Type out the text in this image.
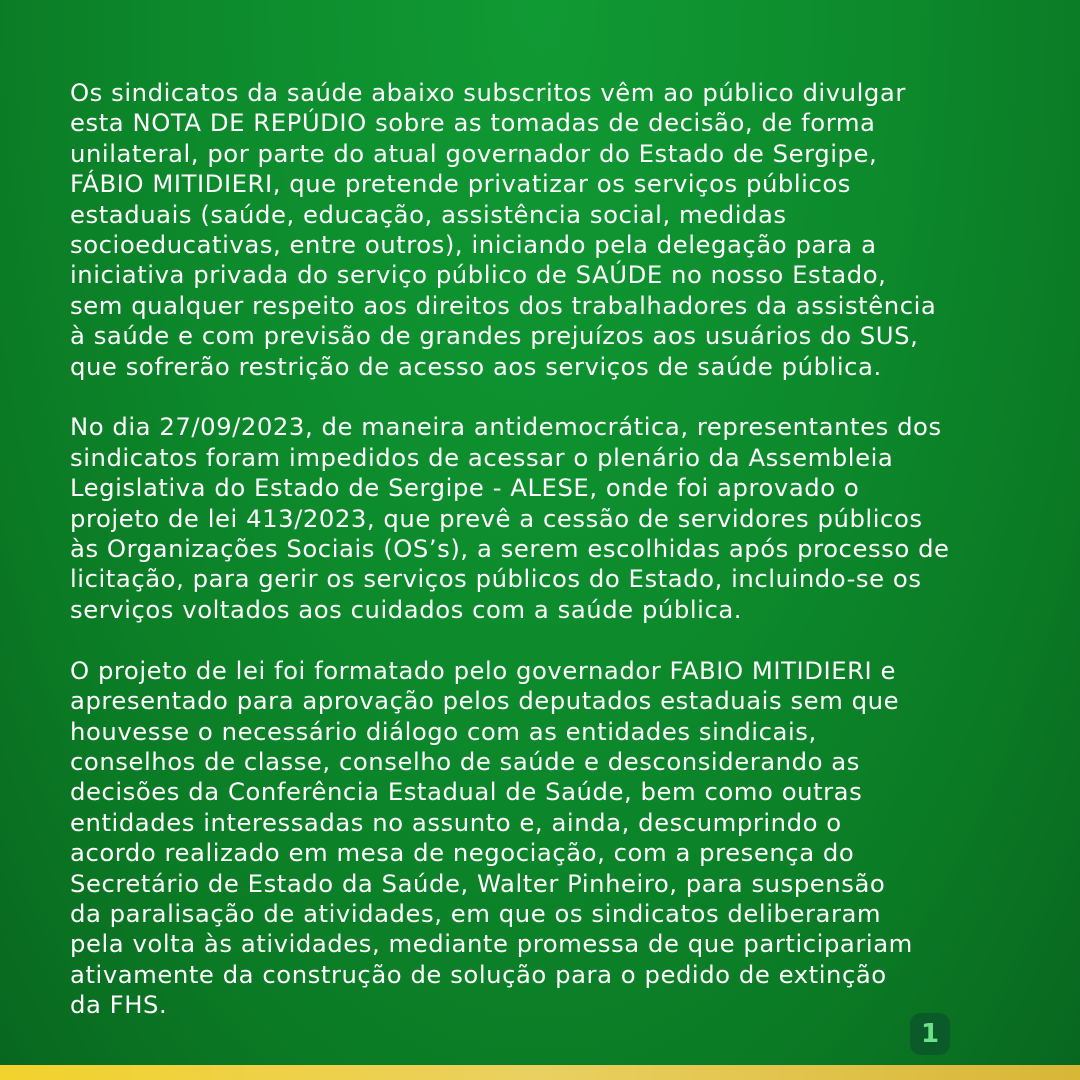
Os sindicatos da saúde abaixo subscritos vêm ao público divulgar
esta NOTA DE REPÚDIO sobre as tomadas de decisão, de forma
unilateral, por parte do atual governador do Estado de Sergipe,
FÁBIO MITIDIERI, que pretende privatizar os serviços públicos
estaduais (saúde, educação, assistência social, medidas
socioeducativas, entre outros), iniciando pela delegação para a
iniciativa privada do serviço público de SAÚDE no nosso Estado,
sem qualquer respeito aos direitos dos trabalhadores da assistência
à saúde e com previsão de grandes prejuízos aos usuários do SUS,
que sofrerão restrição de acesso aos serviços de saúde pública.

No dia 27/09/2023, de maneira antidemocrática, representantes dos
sindicatos foram impedidos de acessar o plenário da Assembleia
Legislativa do Estado de Sergipe - ALESE, onde foi aprovado o
projeto de lei 413/2023, que prevê a cessão de servidores públicos
às Organizações Sociais (OS’s), a serem escolhidas após processo de
licitação, para gerir os serviços públicos do Estado, incluindo-se os
serviços voltados aos cuidados com a saúde pública.

O projeto de lei foi formatado pelo governador FABIO MITIDIERI e
apresentado para aprovação pelos deputados estaduais sem que
houvesse o necessário diálogo com as entidades sindicais,
conselhos de classe, conselho de saúde e desconsiderando as
decisões da Conferência Estadual de Saúde, bem como outras
entidades interessadas no assunto e, ainda, descumprindo o
acordo realizado em mesa de negociação, com a presença do
Secretário de Estado da Saúde, Walter Pinheiro, para suspensão
da paralisação de atividades, em que os sindicatos deliberaram
pela volta às atividades, mediante promessa de que participariam
ativamente da construção de solução para o pedido de extinção
da FHS.

1
